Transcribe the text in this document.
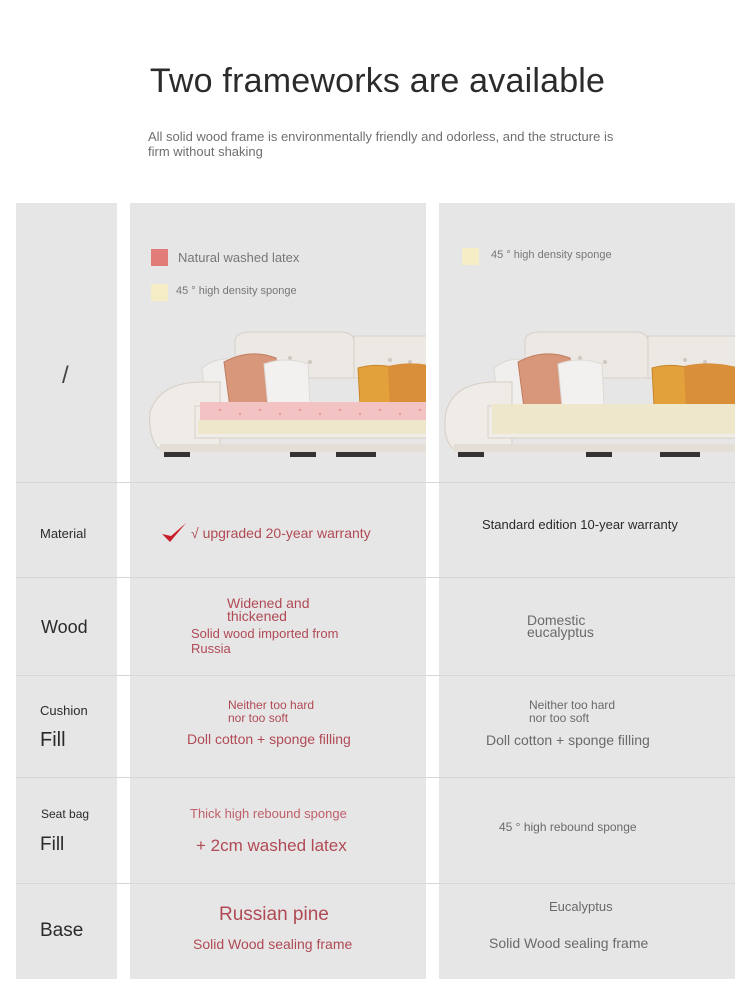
Two frameworks are available
All solid wood frame is environmentally friendly and odorless, and the structure is firm without shaking
/
Natural washed latex
45 ° high density sponge
45 ° high density sponge
Material	√ upgraded 20-year warranty
Standard edition 10-year warranty
Wood
Widened and thickened
Solid wood imported from Russia
Domestic eucalyptus
Cushion
Fill
Neither too hard nor too soft
Doll cotton + sponge filling
Neither too hard nor too soft
Doll cotton + sponge filling
Seat bag
Fill
Thick high rebound sponge
+ 2cm washed latex
45 ° high rebound sponge
Base
Russian pine
Solid Wood sealing frame
Eucalyptus
Solid Wood sealing frame
